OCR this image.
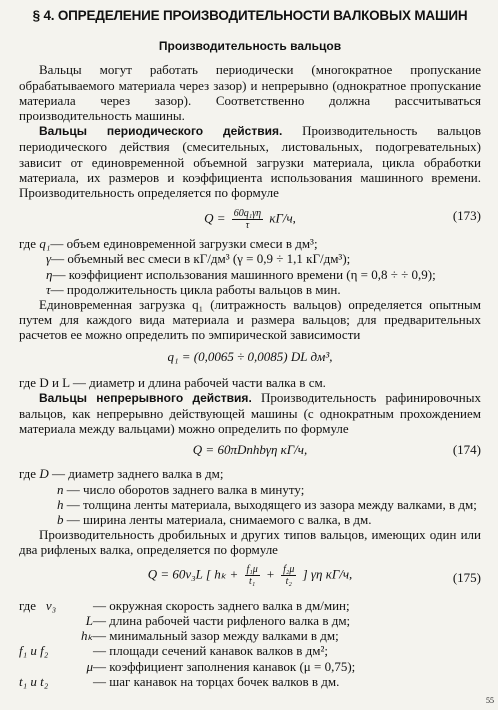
§ 4. ОПРЕДЕЛЕНИЕ ПРОИЗВОДИТЕЛЬНОСТИ ВАЛКОВЫХ МАШИН
Производительность вальцов

Вальцы могут работать периодически (многократное пропускание обрабатываемого материала через зазор) и непрерывно (однократное пропускание материала через зазор). Соответственно должна рассчитываться производительность машины.

Вальцы периодического действия. Производительность вальцов периодического действия (смесительных, листовальных, подогревательных) зависит от единовременной объемной загрузки материала, цикла обработки материала, их размеров и коэффициента использования машинного времени. Производительность определяется по формуле

$Q = \frac{\text{60q₁γη}}{\tau} кГ/ч$,	(173)
где q₁ — объем единовременной загрузки смеси в дм³;
γ — объемный вес смеси в кГ/дм³ (γ = 0,9 ÷ 1,1 кГ/дм³);
η — коэффициент использования машинного времени (η = 0,8 ÷ ÷ 0,9);
τ — продолжительность цикла работы вальцов в мин.

Единовременная загрузка q₁ (литражность вальцов) определяется опытным путем для каждого вида материала и размера вальцов; для предварительных расчетов ее можно определить по эмпирической зависимости

q₁ = (0,0065 ÷ 0,0085) DL дм³,

где D и L — диаметр и длина рабочей части валка в см.

Вальцы непрерывного действия. Производительность рафинировочных вальцов, как непрерывно действующей машины (с однократным прохождением материала между вальцами) можно определить по формуле

Q = 60πDnhbγη кГ/ч,	(174)
где D — диаметр заднего валка в дм;
n — число оборотов заднего валка в минуту;
h — толщина ленты материала, выходящего из зазора между валками, в дм;
b — ширина ленты материала, снимаемого с валка, в дм.

Производительность дробильных и других типов вальцов, имеющих один или два рифленых валка, определяется по формуле

Q = 60v₃L [ $h_k + \frac{\text{f₁μ}}{\text{t₁}} + \frac{\text{f₂μ}}{\text{t₂}}$ ] γη кГ/ч,	(175)
где v₃	— окружная скорость заднего валка в дм/мин;
L — длина рабочей части рифленого валка в дм;
hₖ — минимальный зазор между валками в дм;
f₁ и f₂	— площади сечений канавок валков в дм²;
μ — коэффициент заполнения канавок (μ = 0,75);
t₁ и t₂	— шаг канавок на торцах бочек валков в дм.
55
